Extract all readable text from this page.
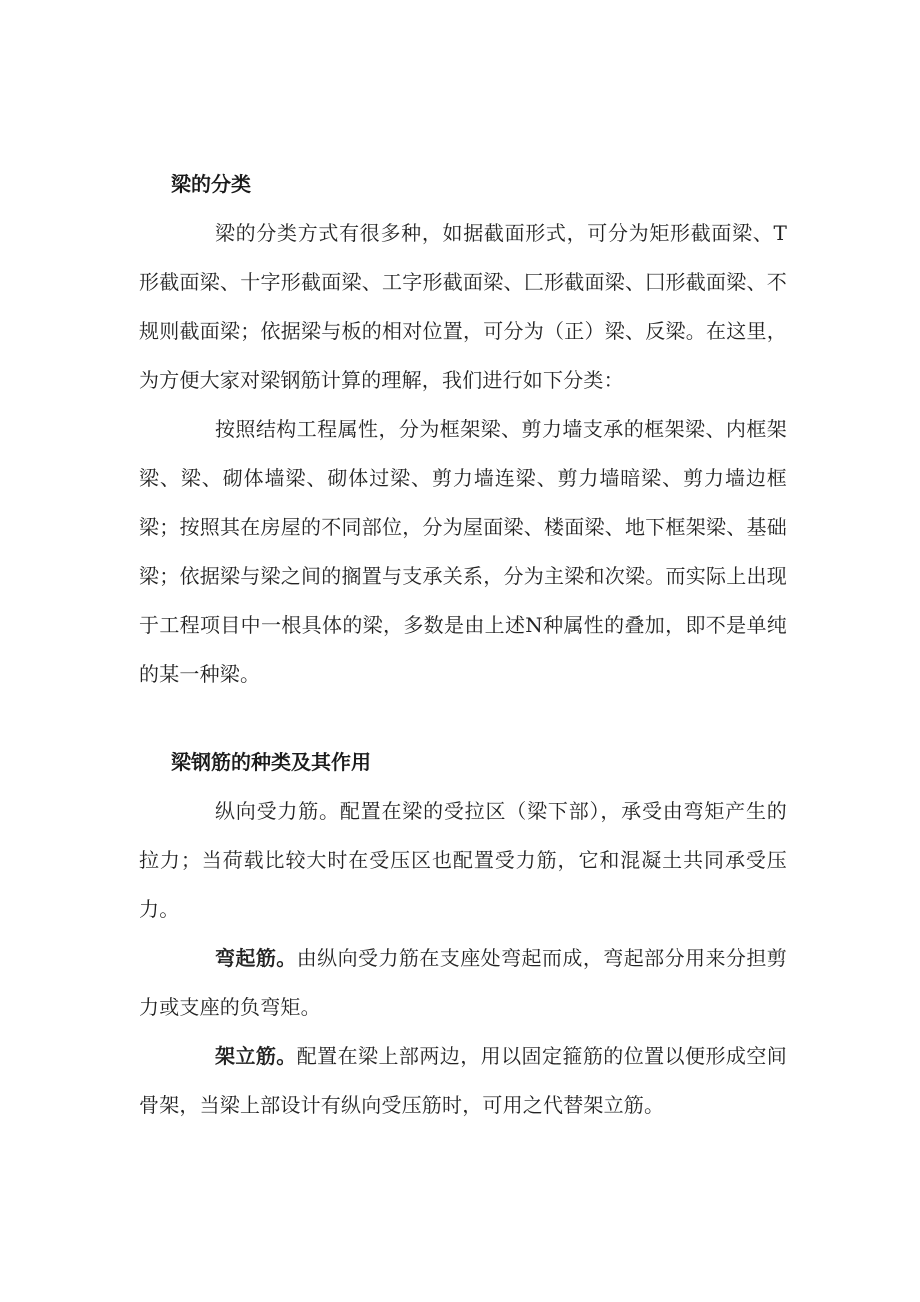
梁的分类

梁的分类方式有很多种，如据截面形式，可分为矩形截面梁、T形截面梁、十字形截面梁、工字形截面梁、匚形截面梁、囗形截面梁、不规则截面梁；依据梁与板的相对位置，可分为（正）梁、反梁。在这里，为方便大家对梁钢筋计算的理解，我们进行如下分类：

按照结构工程属性，分为框架梁、剪力墙支承的框架梁、内框架梁、梁、砌体墙梁、砌体过梁、剪力墙连梁、剪力墙暗梁、剪力墙边框梁；按照其在房屋的不同部位，分为屋面梁、楼面梁、地下框架梁、基础梁；依据梁与梁之间的搁置与支承关系，分为主梁和次梁。而实际上出现于工程项目中一根具体的梁，多数是由上述N种属性的叠加，即不是单纯的某一种梁。

梁钢筋的种类及其作用

纵向受力筋。配置在梁的受拉区（梁下部），承受由弯矩产生的拉力；当荷载比较大时在受压区也配置受力筋，它和混凝土共同承受压力。

弯起筋。由纵向受力筋在支座处弯起而成，弯起部分用来分担剪力或支座的负弯矩。

架立筋。配置在梁上部两边，用以固定箍筋的位置以便形成空间骨架，当梁上部设计有纵向受压筋时，可用之代替架立筋。
